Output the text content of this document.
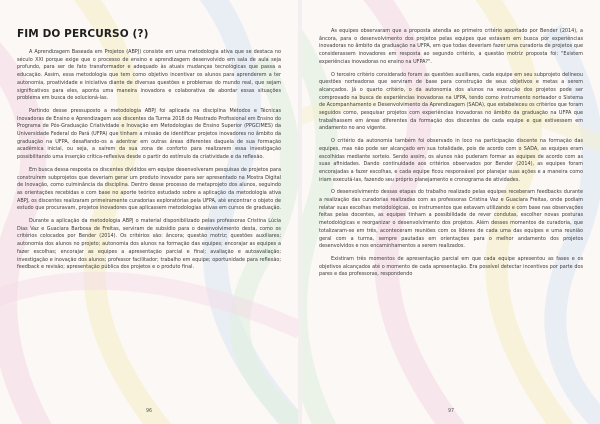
FIM DO PERCURSO (?)

A Aprendizagem Baseada em Projetos (ABPJ) consiste em uma metodologia ativa que se destaca no século XXI porque exige que o processo de ensino e aprendizagem desenvolvido em sala de aula seja profundo, para ser de fato transformador e adequado às atuais mudanças tecnológicas que passa a educação. Assim, essa metodologia que tem como objetivo incentivar os alunos para aprenderem a ter autonomia, proatividade e iniciativa diante de diversas questões e problemas do mundo real, que sejam significativos para eles, aponta uma maneira inovadora e colaborativa de abordar essas situações problema em busca de solucioná-las.

Partindo desse pressuposto a metodologia ABPJ foi aplicada na disciplina Métodos e Técnicas Inovadoras de Ensino e Aprendizagem aos discentes da Turma 2018 do Mestrado Profissional em Ensino do Programa de Pós-Graduação Criatividade e Inovação em Metodologias de Ensino Superior (PPGCIMES) da Universidade Federal do Pará (UFPA) que tinham a missão de identificar projetos inovadores no âmbito da graduação na UFPA, desafiando-os a adentrar em outras áreas diferentes daquela de sua formação acadêmica inicial, ou seja, a saírem da sua zona de conforto para realizarem essa investigação possibilitando uma inserção crítica-reflexiva desde o partir do estímulo da criatividade e da reflexão.

Em busca dessa resposta os discentes divididos em equipe desenvolveram pesquisas de projetos para construírem subprojetos que deveriam gerar um produto inovador para ser apresentado na Mostra Digital de Inovação, como culminância da disciplina. Dentro desse processo de metaprojeto dos alunos, seguindo as orientações recebidas e com base no aporte teórico estudado sobre a aplicação da metodologia ativa ABPJ, os discentes realizaram primeiramente curadorias exploratórias pela UFPA, até encontrar o objeto de estudo que procuravam, projetos inovadores que aplicassem metodologias ativas em cursos de graduação.

Durante a aplicação da metodologia ABPJ o material disponibilizado pelas professoras Cristina Lúcia Dias Vaz e Guaciara Barbosa de Freitas, serviram de subsídio para o desenvolvimento desta, como os critérios colocados por Bender (2014). Os critérios são: âncora; questão motriz; questões auxiliares; autonomia dos alunos no projeto; autonomia dos alunos na formação das equipes; encorajar as equipes a fazer escolhas; encorajar as equipes a apresentação parcial e final; avaliação e autoavaliação; investigação e inovação dos alunos; professor facilitador; trabalho em equipe; oportunidade para reflexão; feedback e revisão; apresentação pública dos projetos e o produto final.

96

As equipes observaram que a proposta atendia ao primeiro critério apontado por Bender (2014), a âncora, para o desenvolvimento dos projetos pelas equipes que estavam em busca por experiências inovadoras no âmbito da graduação na UFPA, em que todas deveriam fazer uma curadoria de projetos que considerassem inovadores em resposta ao segundo critério, a questão motriz proposta foi: "Existem experiências inovadoras no ensino na UFPA?".

O terceiro critério considerado foram as questões auxiliares, cada equipe em seu subprojeto delineou questões norteadoras que serviram de base para construção de seus objetivos e metas a serem alcançados. Já o quarto critério, o da autonomia dos alunos na execução dos projetos pode ser comprovado na busca de experiências inovadoras na UFPA, tendo como instrumento norteador o Sistema de Acompanhamento e Desenvolvimento da Aprendizagem (SADA), que estabeleceu os critérios que foram seguidos como, pesquisar projetos com experiências inovadoras no âmbito da graduação na UFPA que trabalhassem em áreas diferentes da formação dos discentes de cada equipe e que estivessem em andamento no ano vigente.

O critério da autonomia também foi observado in loco na participação discente na formação das equipes, mas não pode ser alcançado em sua totalidade, pois de acordo com o SADA, as equipes eram escolhidas mediante sorteio. Sendo assim, os alunos não puderam formar as equipes de acordo com as suas afinidades. Dando continuidade aos critérios observados por Bender (2014), as equipes foram encorajadas a fazer escolhas, e cada equipe ficou responsável por planejar suas ações e a maneira como iriam executá-las, fazendo seu próprio planejamento e cronograma de atividades.

O desenvolvimento dessas etapas do trabalho realizado pelas equipes receberam feedbacks durante a realização das curadorias realizadas com as professoras Cristina Vaz e Guaciara Freitas, onde podiam relatar suas escolhas metodológicas, os instrumentos que estavam utilizando e com base nas observações feitas pelas docentes, as equipes tinham a possibilidade de rever condutas, escolher novas posturas metodológicas e reorganizar o desenvolvimento dos projetos. Além desses momentos de curadoria, que totalizaram-se em três, aconteceram reuniões com os líderes de cada uma das equipes e uma reunião geral com a turma, sempre pautadas em orientações para o melhor andamento dos projetos desenvolvidos e nos encaminhamentos a serem realizados.

Existiram três momentos de apresentação parcial em que cada equipe apresentou as fases e os objetivos alcançados até o momento de cada apresentação. Era possível detectar incentivos por parte dos pares e das professoras, respondendo

97
